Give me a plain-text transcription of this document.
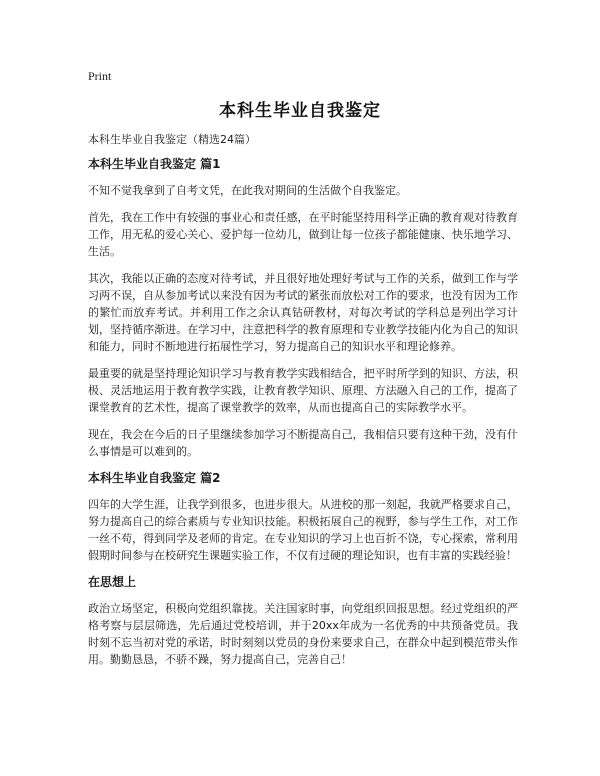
Print
本科生毕业自我鉴定
本科生毕业自我鉴定（精选24篇）
本科生毕业自我鉴定 篇1

不知不觉我拿到了自考文凭，在此我对期间的生活做个自我鉴定。

首先，我在工作中有较强的事业心和责任感，在平时能坚持用科学正确的教育观对待教育工作，用无私的爱心关心、爱护每一位幼儿，做到让每一位孩子都能健康、快乐地学习、生活。

其次，我能以正确的态度对待考试，并且很好地处理好考试与工作的关系，做到工作与学习两不误，自从参加考试以来没有因为考试的紧张而放松对工作的要求，也没有因为工作的繁忙而放弃考试。并利用工作之余认真钻研教材，对每次考试的学科总是列出学习计划，坚持循序渐进。在学习中，注意把科学的教育原理和专业教学技能内化为自己的知识和能力，同时不断地进行拓展性学习，努力提高自己的知识水平和理论修养。

最重要的就是坚持理论知识学习与教育教学实践相结合，把平时所学到的知识、方法，积极、灵活地运用于教育教学实践，让教育教学知识、原理、方法融入自己的工作，提高了课堂教育的艺术性，提高了课堂教学的效率，从而也提高自己的实际教学水平。

现在，我会在今后的日子里继续参加学习不断提高自己，我相信只要有这种干劲，没有什么事情是可以难到的。

本科生毕业自我鉴定 篇2

四年的大学生涯，让我学到很多，也进步很大。从进校的那一刻起，我就严格要求自己，努力提高自己的综合素质与专业知识技能。积极拓展自己的视野，参与学生工作，对工作一丝不苟，得到同学及老师的肯定。在专业知识的学习上也百折不饶，专心探索，常利用假期时间参与在校研究生课题实验工作，不仅有过硬的理论知识，也有丰富的实践经验！

在思想上

政治立场坚定，积极向党组织靠拢。关注国家时事，向党组织回报思想。经过党组织的严格考察与层层筛选，先后通过党校培训，并于20xx年成为一名优秀的中共预备党员。我时刻不忘当初对党的承诺，时时刻刻以党员的身份来要求自己，在群众中起到模范带头作用。勤勤恳恳，不骄不躁，努力提高自己，完善自己！
